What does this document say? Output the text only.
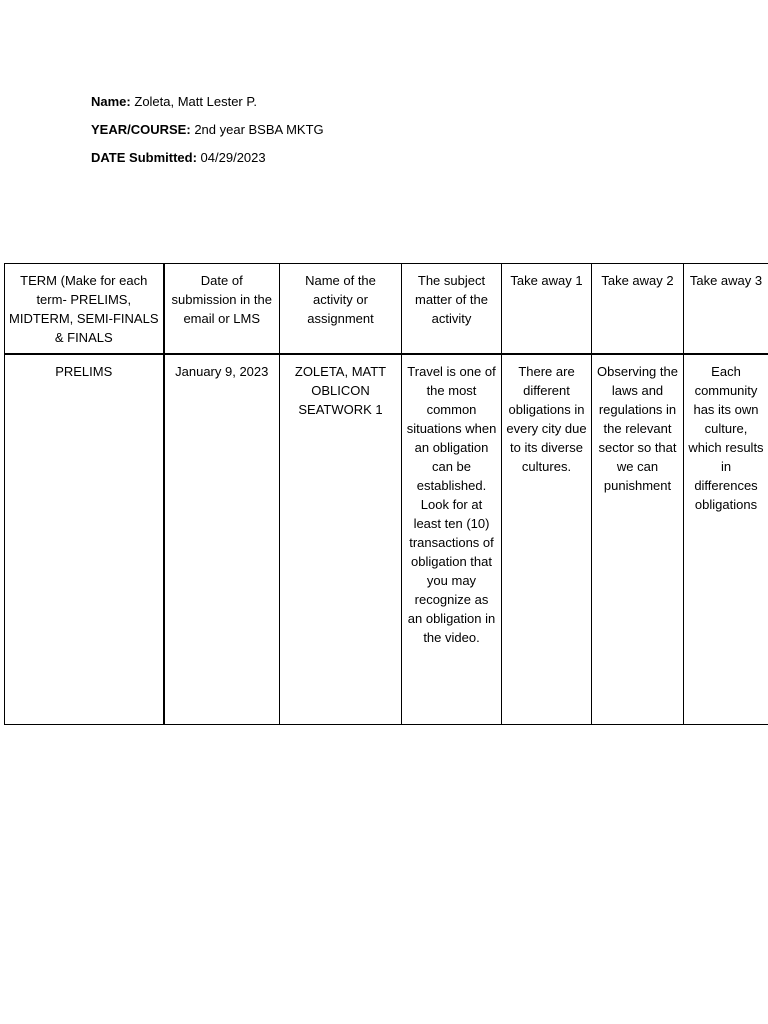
Name: Zoleta, Matt Lester P.
YEAR/COURSE: 2nd year BSBA MKTG
DATE Submitted: 04/29/2023
TERM (Make for each term- PRELIMS, MIDTERM, SEMI-FINALS & FINALS	Date of submission in the email or LMS	Name of the activity or assignment	The subject matter of the activity	Take away 1	Take away 2	Take away 3
PRELIMS	January 9, 2023	ZOLETA, MATT OBLICON SEATWORK 1	Travel is one of the most common situations when an obligation can be established. Look for at least ten (10) transactions of obligation that you may recognize as an obligation in the video.	There are different obligations in every city due to its diverse cultures.	Observing the laws and regulations in the relevant sector so that we can punishment	Each community has its own culture, which results in differences obligations
